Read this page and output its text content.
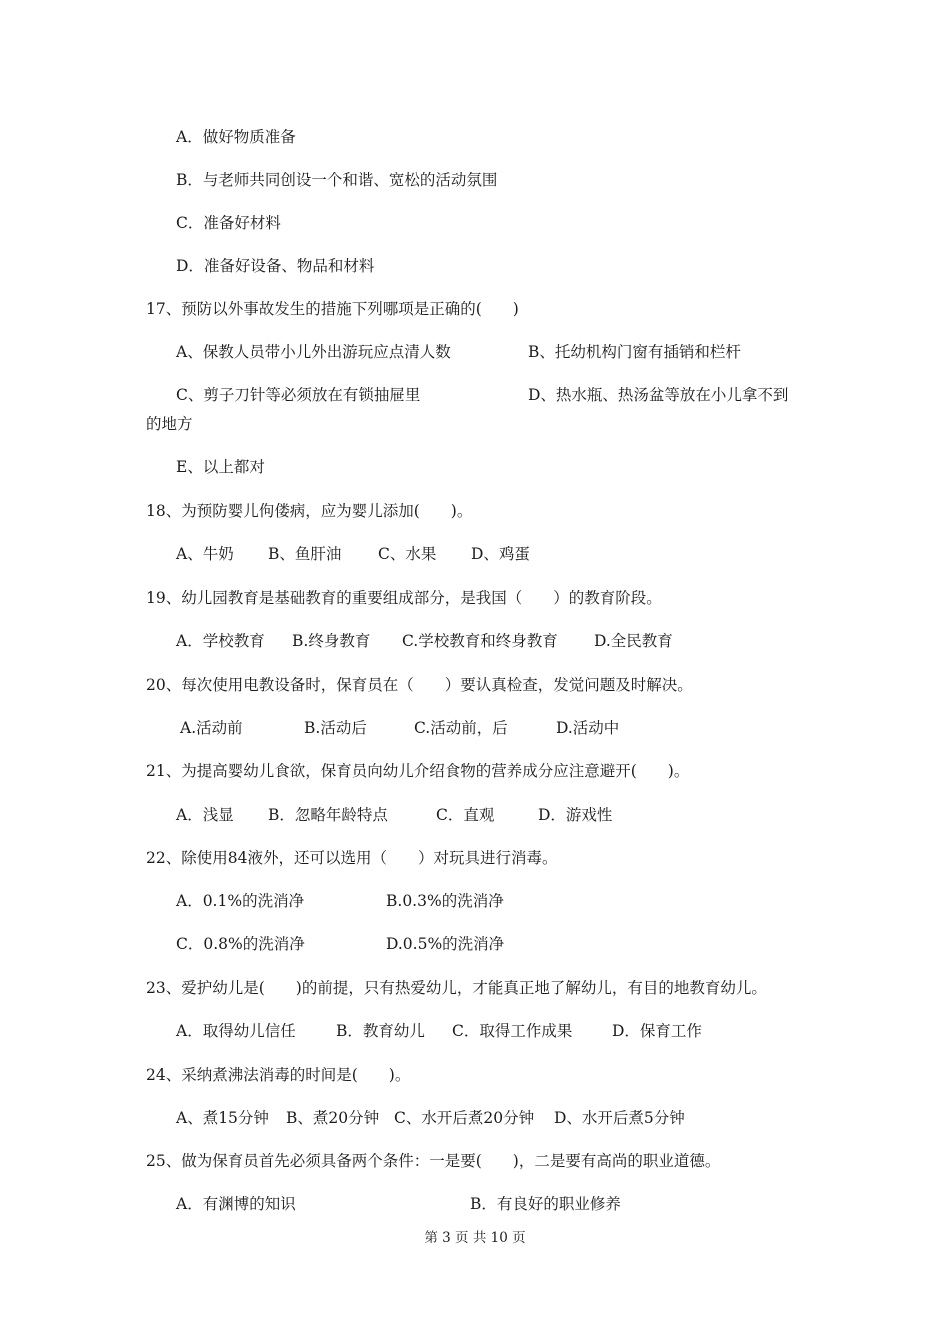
A．做好物质准备
B．与老师共同创设一个和谐、宽松的活动氛围
C．准备好材料
D．准备好设备、物品和材料
17、预防以外事故发生的措施下列哪项是正确的(　　)
A、保教人员带小儿外出游玩应点清人数	B、托幼机构门窗有插销和栏杆
C、剪子刀针等必须放在有锁抽屉里	D、热水瓶、热汤盆等放在小儿拿不到
的地方
E、以上都对
18、为预防婴儿佝偻病，应为婴儿添加(　　)。
A、牛奶 B、鱼肝油 C、水果 D、鸡蛋
19、幼儿园教育是基础教育的重要组成部分，是我国（　　）的教育阶段。
A．学校教育 B.终身教育 C.学校教育和终身教育 D.全民教育
20、每次使用电教设备时，保育员在（　　）要认真检查，发觉问题及时解决。
A.活动前	B.活动后	C.活动前，后	D.活动中
21、为提高婴幼儿食欲，保育员向幼儿介绍食物的营养成分应注意避开(　　)。
A．浅显 B．忽略年龄特点	C．直观	D．游戏性
22、除使用84液外，还可以选用（　　）对玩具进行消毒。
A．0.1%的洗消净	B.0.3%的洗消净
C．0.8%的洗消净	D.0.5%的洗消净
23、爱护幼儿是(　　)的前提，只有热爱幼儿，才能真正地了解幼儿，有目的地教育幼儿。
A．取得幼儿信任	B．教育幼儿 C．取得工作成果	D．保育工作
24、采纳煮沸法消毒的时间是(　　)。
A、煮15分钟 B、煮20分钟 C、水开后煮20分钟 D、水开后煮5分钟
25、做为保育员首先必须具备两个条件：一是要(　　)，二是要有高尚的职业道德。
A．有渊博的知识	B．有良好的职业修养
第 3 页 共 10 页
